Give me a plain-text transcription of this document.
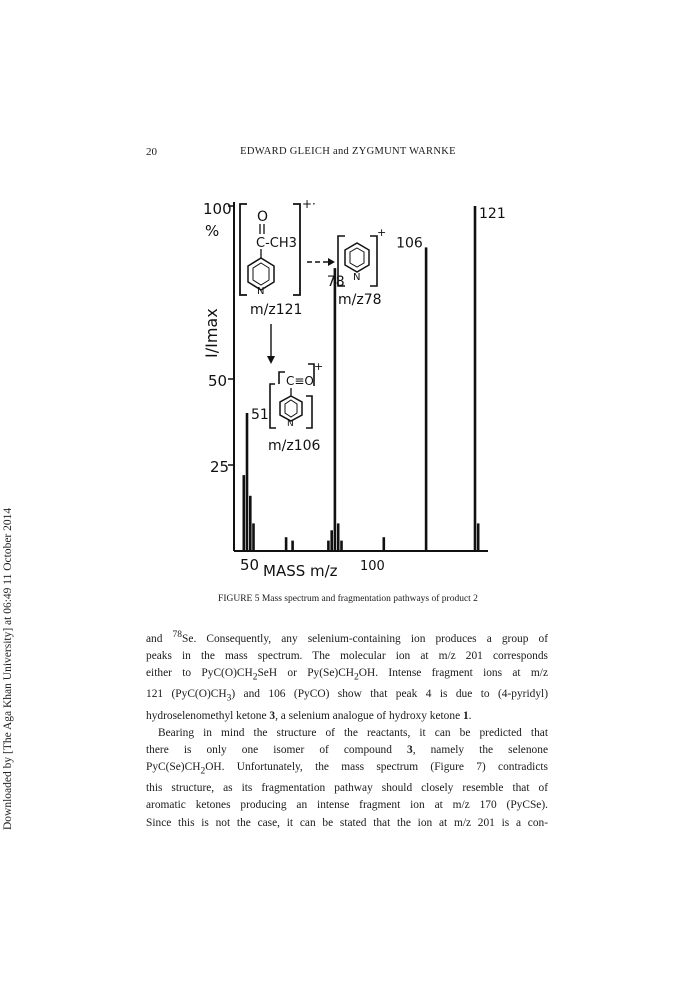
20	EDWARD GLEICH and ZYGMUNT WARNKE
Downloaded by [The Aga Khan University] at 06:49 11 October 2014
100
%
50
25
I/Imax
50 MASS m/z 100
51
78
106
121
+·
O
C-CH3
N
m/z121
+
N
m/z78
C≡O
+
N
m/z106
FIGURE 5 Mass spectrum and fragmentation pathways of product 2
and $^{78}$Se. Consequently, any selenium-containing ion produces a group of
peaks in the mass spectrum. The molecular ion at m/z 201 corresponds
either to $PyC(O)CH_2SeH$ or $Py(Se)CH_2OH$. Intense fragment ions at m/z
121 $(PyC(O)CH_3)$ and 106 (PyCO) show that peak 4 is due to (4-pyridyl)
hydroselenomethyl ketone 3, a selenium analogue of hydroxy ketone 1.
Bearing in mind the structure of the reactants, it can be predicted that
there is only one isomer of compound 3, namely the selenone
$PyC(Se)CH_2OH$. Unfortunately, the mass spectrum (Figure 7) contradicts
this structure, as its fragmentation pathway should closely resemble that of
aromatic ketones producing an intense fragment ion at m/z 170 (PyCSe).
Since this is not the case, it can be stated that the ion at m/z 201 is a con-
